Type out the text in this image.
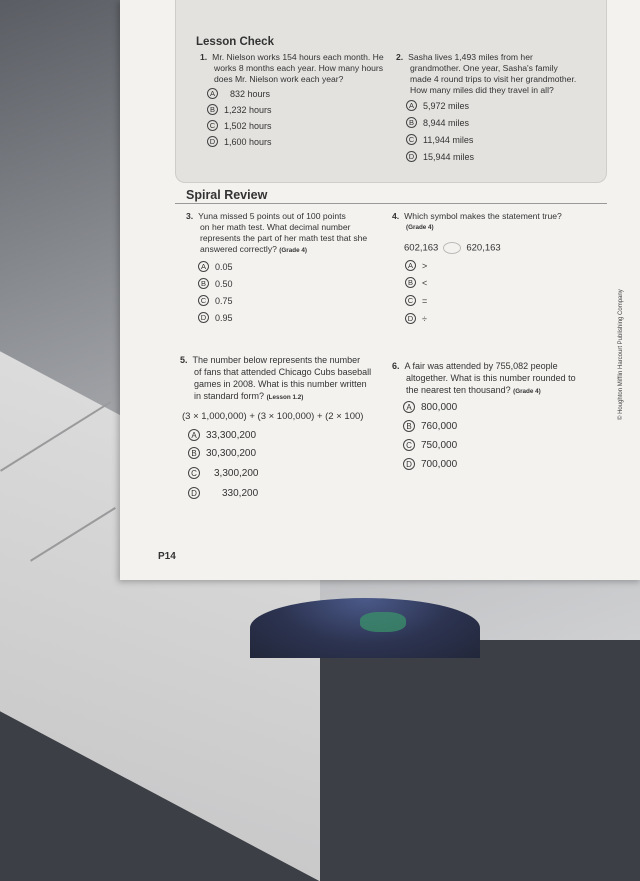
Lesson Check
1. Mr. Nielson works 154 hours each month. He
works 8 months each year. How many hours
does Mr. Nielson work each year?
A	832 hours
B	1,232 hours
C 1,502 hours
D 1,600 hours
2. Sasha lives 1,493 miles from her
grandmother. One year, Sasha's family
made 4 round trips to visit her grandmother.
How many miles did they travel in all?
A	5,972 miles
B	8,944 miles
C 11,944 miles
D 15,944 miles
Spiral Review
3. Yuna missed 5 points out of 100 points
on her math test. What decimal number
represents the part of her math test that she
answered correctly? (Grade 4)
A	0.05
B	0.50
C 0.75
D 0.95
4. Which symbol makes the statement true?
(Grade 4)
602,163	620,163
A	>
B	<
C =
D ÷
5. The number below represents the number
of fans that attended Chicago Cubs baseball
games in 2008. What is this number written
in standard form? (Lesson 1.2)
(3 × 1,000,000) + (3 × 100,000) + (2 × 100)
A 33,300,200
B 30,300,200
C	3,300,200
D	330,200
6. A fair was attended by 755,082 people
altogether. What is this number rounded to
the nearest ten thousand? (Grade 4)
A 800,000
B 760,000
C 750,000
D 700,000
© Houghton Mifflin Harcourt Publishing Company
P14
